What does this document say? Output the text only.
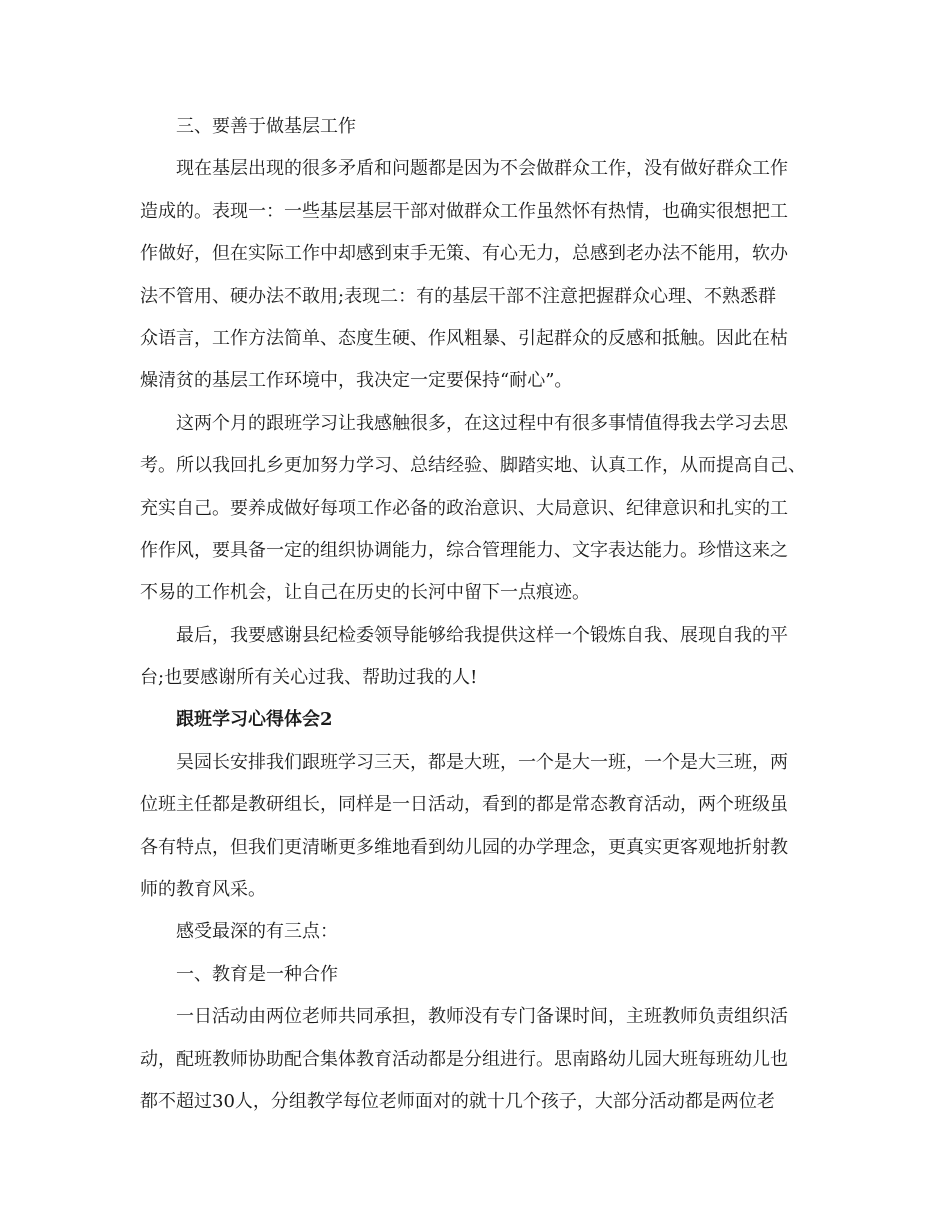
三、要善于做基层工作
现在基层出现的很多矛盾和问题都是因为不会做群众工作，没有做好群众工作
造成的。表现一：一些基层基层干部对做群众工作虽然怀有热情，也确实很想把工
作做好，但在实际工作中却感到束手无策、有心无力，总感到老办法不能用，软办
法不管用、硬办法不敢用;表现二：有的基层干部不注意把握群众心理、不熟悉群
众语言，工作方法简单、态度生硬、作风粗暴、引起群众的反感和抵触。因此在枯
燥清贫的基层工作环境中，我决定一定要保持“耐心”。
这两个月的跟班学习让我感触很多，在这过程中有很多事情值得我去学习去思
考。所以我回扎乡更加努力学习、总结经验、脚踏实地、认真工作，从而提高自己、
充实自己。要养成做好每项工作必备的政治意识、大局意识、纪律意识和扎实的工
作作风，要具备一定的组织协调能力，综合管理能力、文字表达能力。珍惜这来之
不易的工作机会，让自己在历史的长河中留下一点痕迹。
最后，我要感谢县纪检委领导能够给我提供这样一个锻炼自我、展现自我的平
台;也要感谢所有关心过我、帮助过我的人!
跟班学习心得体会2
吴园长安排我们跟班学习三天，都是大班，一个是大一班，一个是大三班，两
位班主任都是教研组长，同样是一日活动，看到的都是常态教育活动，两个班级虽
各有特点，但我们更清晰更多维地看到幼儿园的办学理念，更真实更客观地折射教
师的教育风采。
感受最深的有三点：
一、教育是一种合作
一日活动由两位老师共同承担，教师没有专门备课时间，主班教师负责组织活
动，配班教师协助配合集体教育活动都是分组进行。思南路幼儿园大班每班幼儿也
都不超过30人，分组教学每位老师面对的就十几个孩子，大部分活动都是两位老
